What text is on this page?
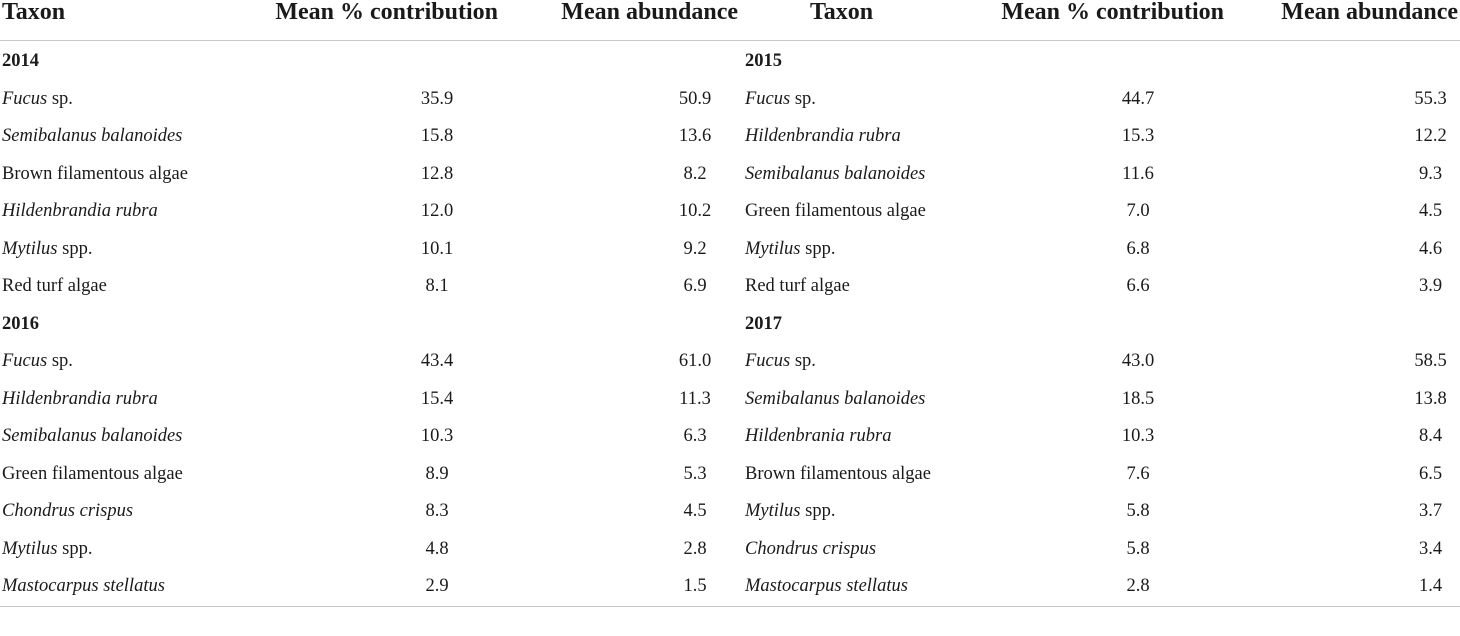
Taxon	Mean % contribution	Mean abundance	Taxon	Mean % contribution	Mean abundance
2014			2015		
Fucus sp.	35.9	50.9	Fucus sp.	44.7	55.3
Semibalanus balanoides	15.8	13.6	Hildenbrandia rubra	15.3	12.2
Brown filamentous algae	12.8	8.2	Semibalanus balanoides	11.6	9.3
Hildenbrandia rubra	12.0	10.2	Green filamentous algae	7.0	4.5
Mytilus spp.	10.1	9.2	Mytilus spp.	6.8	4.6
Red turf algae	8.1	6.9	Red turf algae	6.6	3.9
2016			2017		
Fucus sp.	43.4	61.0	Fucus sp.	43.0	58.5
Hildenbrandia rubra	15.4	11.3	Semibalanus balanoides	18.5	13.8
Semibalanus balanoides	10.3	6.3	Hildenbrania rubra	10.3	8.4
Green filamentous algae	8.9	5.3	Brown filamentous algae	7.6	6.5
Chondrus crispus	8.3	4.5	Mytilus spp.	5.8	3.7
Mytilus spp.	4.8	2.8	Chondrus crispus	5.8	3.4
Mastocarpus stellatus	2.9	1.5	Mastocarpus stellatus	2.8	1.4
